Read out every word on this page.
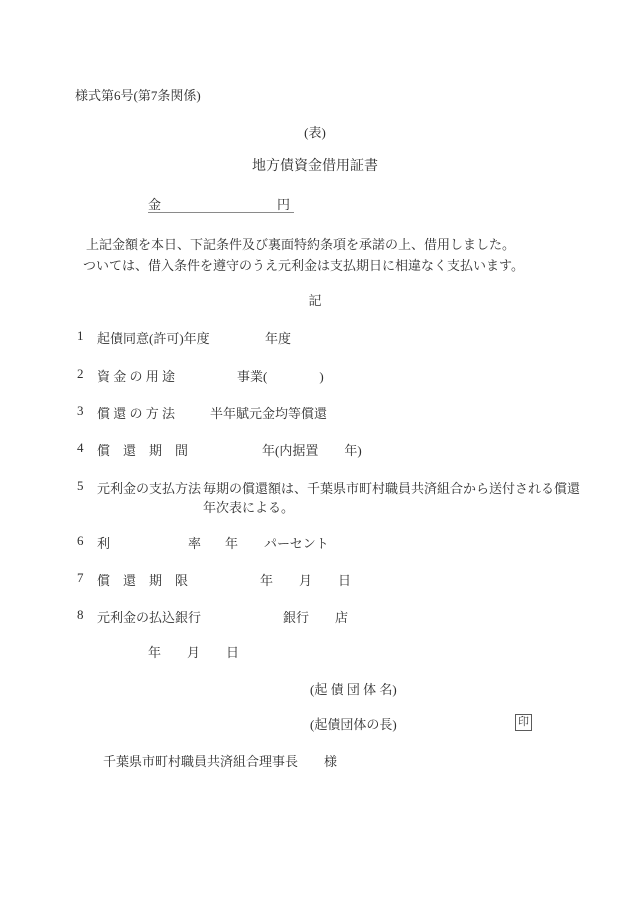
様式第6号(第7条関係)
(表)
地方債資金借用証書
金	円
上記金額を本日、下記条件及び裏面特約条項を承諾の上、借用しました。
ついては、借入条件を遵守のうえ元利金は支払期日に相違なく支払います。
記
1 起債同意(許可)年度	年度
2 資 金 の 用 途	事業(　　　　)
3 償 還 の 方 法	半年賦元金均等償還
4 償　還　期　間	年(内据置　　年)
5 元利金の支払方法 毎期の償還額は、千葉県市町村職員共済組合から送付される償還年次表による。
6 利　　　　　　率 年　　パーセント
7 償　還　期　限	年　　月　　日
8 元利金の払込銀行	銀行　　店
年　　月　　日
(起 債 団 体 名)
(起債団体の長)	印
千葉県市町村職員共済組合理事長　　様
